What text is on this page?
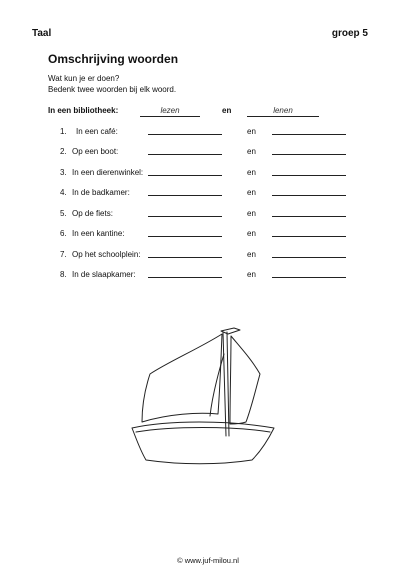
Taal	groep 5
Omschrijving woorden
Wat kun je er doen?
Bedenk twee woorden bij elk woord.
In een bibliotheek:	lezen	en	lenen
1. In een café:	en
2. Op een boot:	en
3. In een dierenwinkel:	en
4. In de badkamer:	en
5. Op de fiets:	en
6. In een kantine:	en
7. Op het schoolplein:	en
8. In de slaapkamer:	en
© www.juf-milou.nl
